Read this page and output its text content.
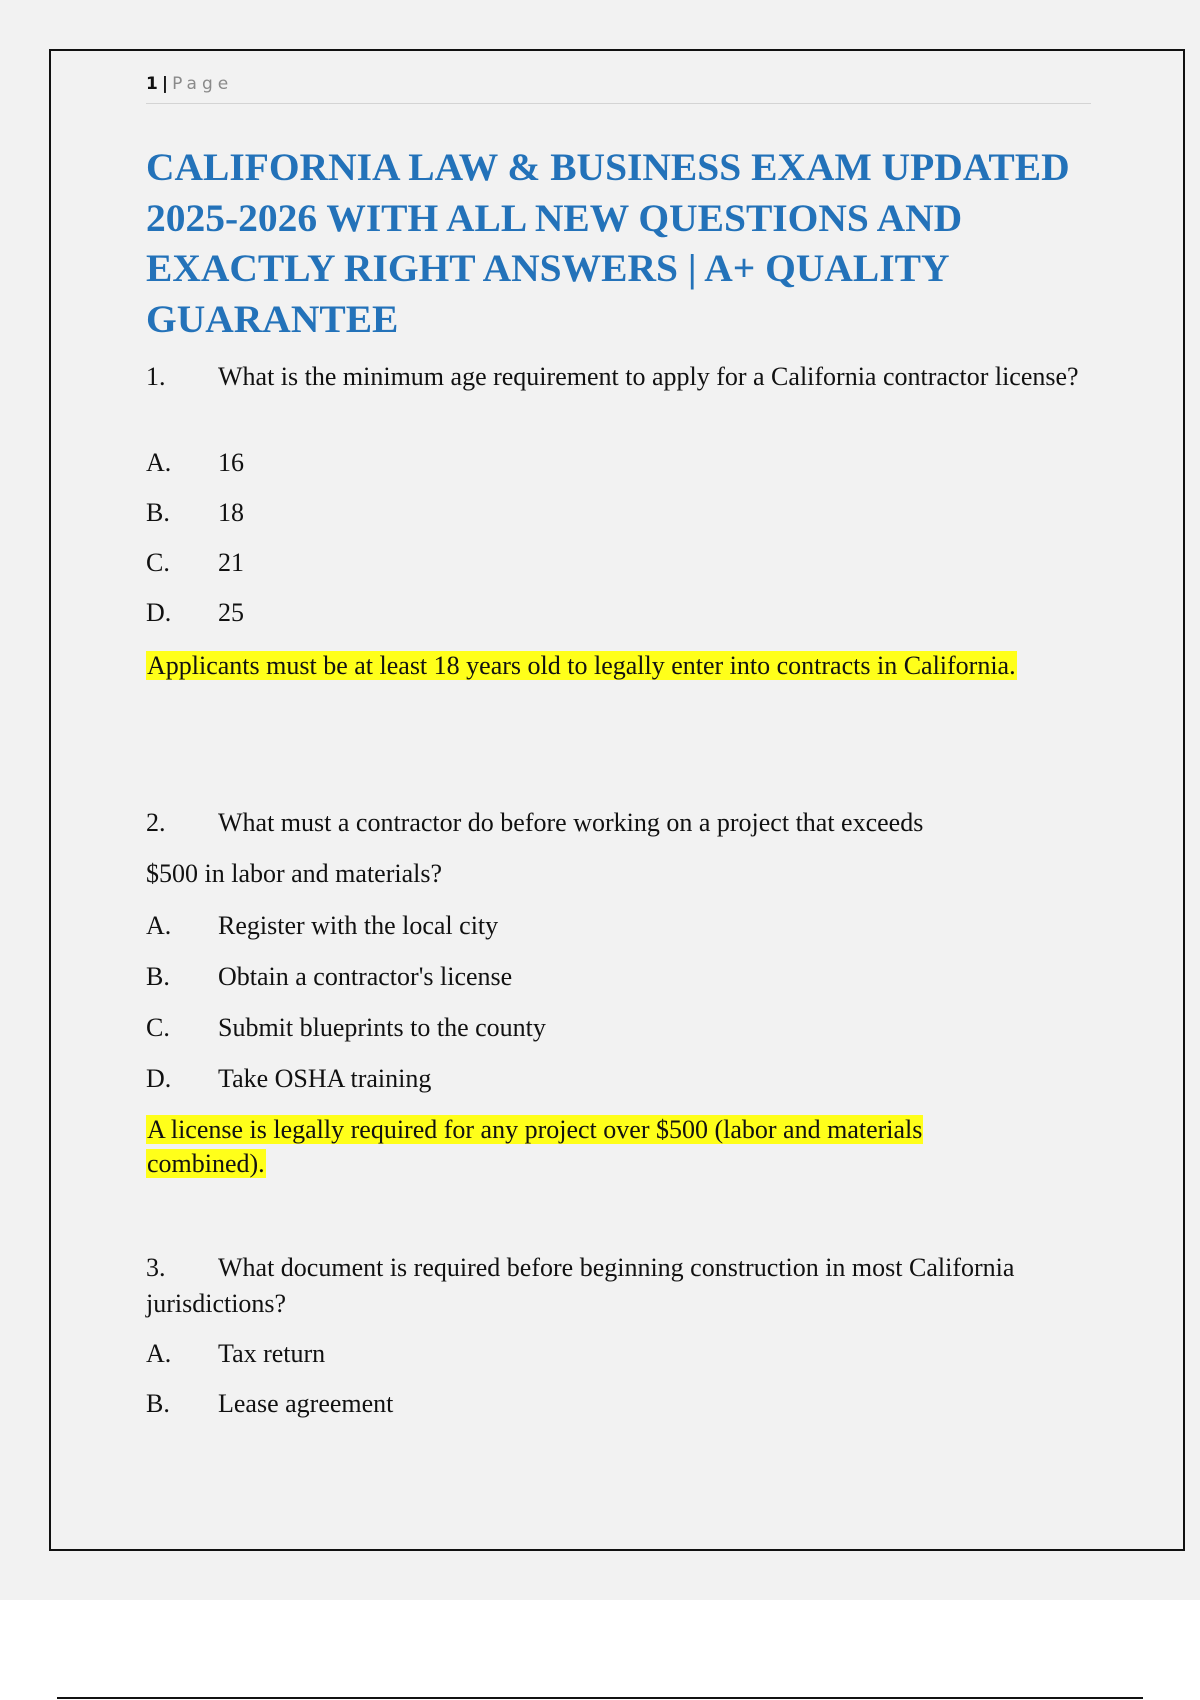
1 | Page
CALIFORNIA LAW & BUSINESS EXAM UPDATED 2025-2026 WITH ALL NEW QUESTIONS AND EXACTLY RIGHT ANSWERS | A+ QUALITY GUARANTEE

1. What is the minimum age requirement to apply for a California contractor license?

A. 16
B. 18
C. 21
D. 25

Applicants must be at least 18 years old to legally enter into contracts in California.

2. What must a contractor do before working on a project that exceeds
$500 in labor and materials?
A. Register with the local city
B. Obtain a contractor's license
C. Submit blueprints to the county
D. Take OSHA training
A license is legally required for any project over $500 (labor and materials
combined).

3. What document is required before beginning construction in most California jurisdictions?

A. Tax return
B. Lease agreement
